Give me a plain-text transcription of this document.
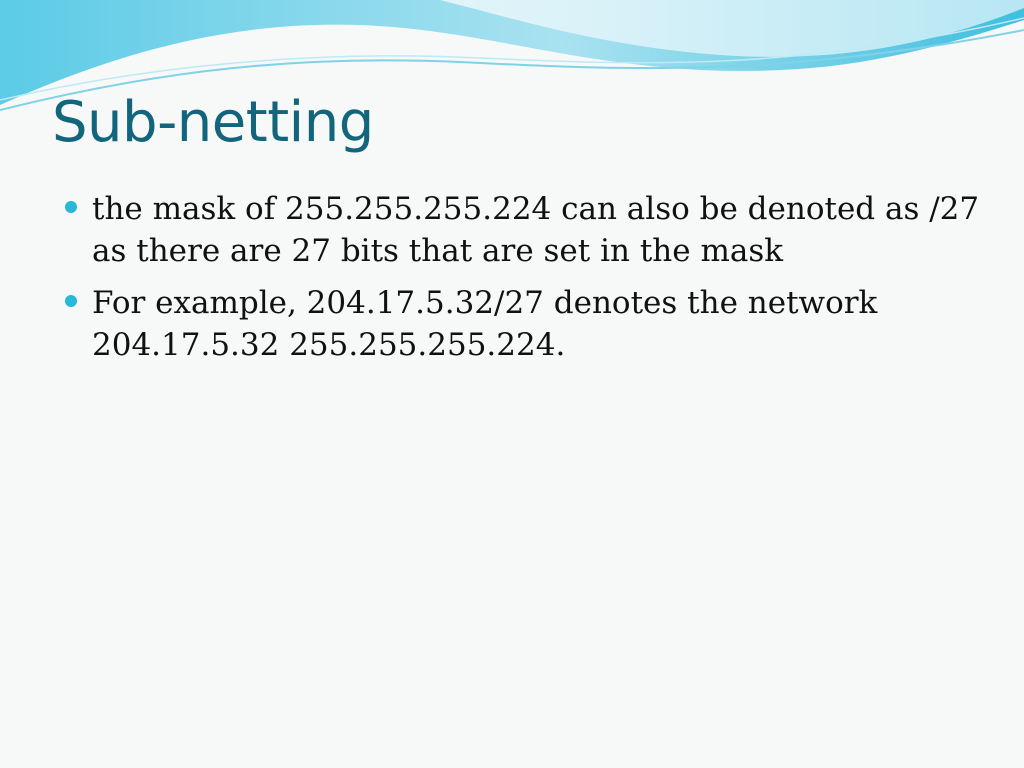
Sub-netting
the mask of 255.255.255.224 can also be denoted as /27 as there are 27 bits that are set in the mask
For example, 204.17.5.32/27 denotes the network 204.17.5.32 255.255.255.224.
